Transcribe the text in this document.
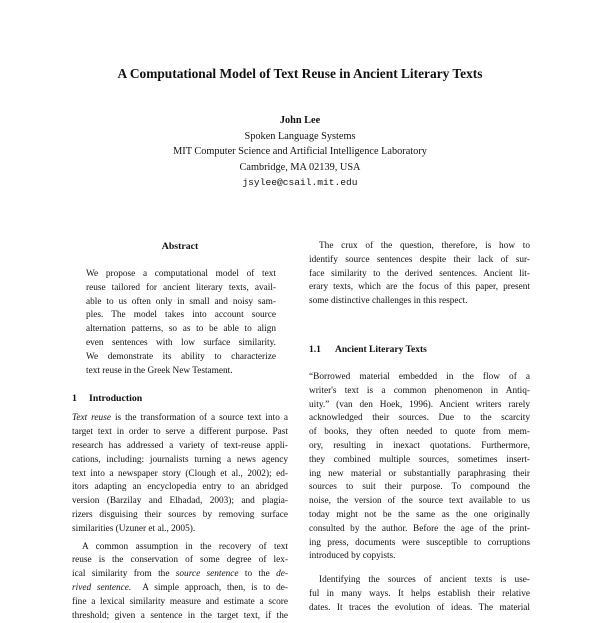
A Computational Model of Text Reuse in Ancient Literary Texts
John Lee
Spoken Language Systems
MIT Computer Science and Artificial Intelligence Laboratory
Cambridge, MA 02139, USA
jsylee@csail.mit.edu
Abstract
We propose a computational model of text
reuse tailored for ancient literary texts, avail-
able to us often only in small and noisy sam-
ples. The model takes into account source
alternation patterns, so as to be able to align
even sentences with low surface similarity.
We demonstrate its ability to characterize
text reuse in the Greek New Testament.
1 Introduction
Text reuse is the transformation of a source text into a
target text in order to serve a different purpose. Past
research has addressed a variety of text-reuse appli-
cations, including: journalists turning a news agency
text into a newspaper story (Clough et al., 2002); ed-
itors adapting an encyclopedia entry to an abridged
version (Barzilay and Elhadad, 2003); and plagia-
rizers disguising their sources by removing surface
similarities (Uzuner et al., 2005).
A common assumption in the recovery of text
reuse is the conservation of some degree of lex-
ical similarity from the source sentence to the de-
rived sentence. A simple approach, then, is to de-
fine a lexical similarity measure and estimate a score
threshold; given a sentence in the target text, if the
The crux of the question, therefore, is how to
identify source sentences despite their lack of sur-
face similarity to the derived sentences. Ancient lit-
erary texts, which are the focus of this paper, present
some distinctive challenges in this respect.
1.1 Ancient Literary Texts
“Borrowed material embedded in the flow of a
writer's text is a common phenomenon in Antiq-
uity.” (van den Hoek, 1996). Ancient writers rarely
acknowledged their sources. Due to the scarcity
of books, they often needed to quote from mem-
ory, resulting in inexact quotations. Furthermore,
they combined multiple sources, sometimes insert-
ing new material or substantially paraphrasing their
sources to suit their purpose. To compound the
noise, the version of the source text available to us
today might not be the same as the one originally
consulted by the author. Before the age of the print-
ing press, documents were susceptible to corruptions
introduced by copyists.
Identifying the sources of ancient texts is use-
ful in many ways. It helps establish their relative
dates. It traces the evolution of ideas. The material
